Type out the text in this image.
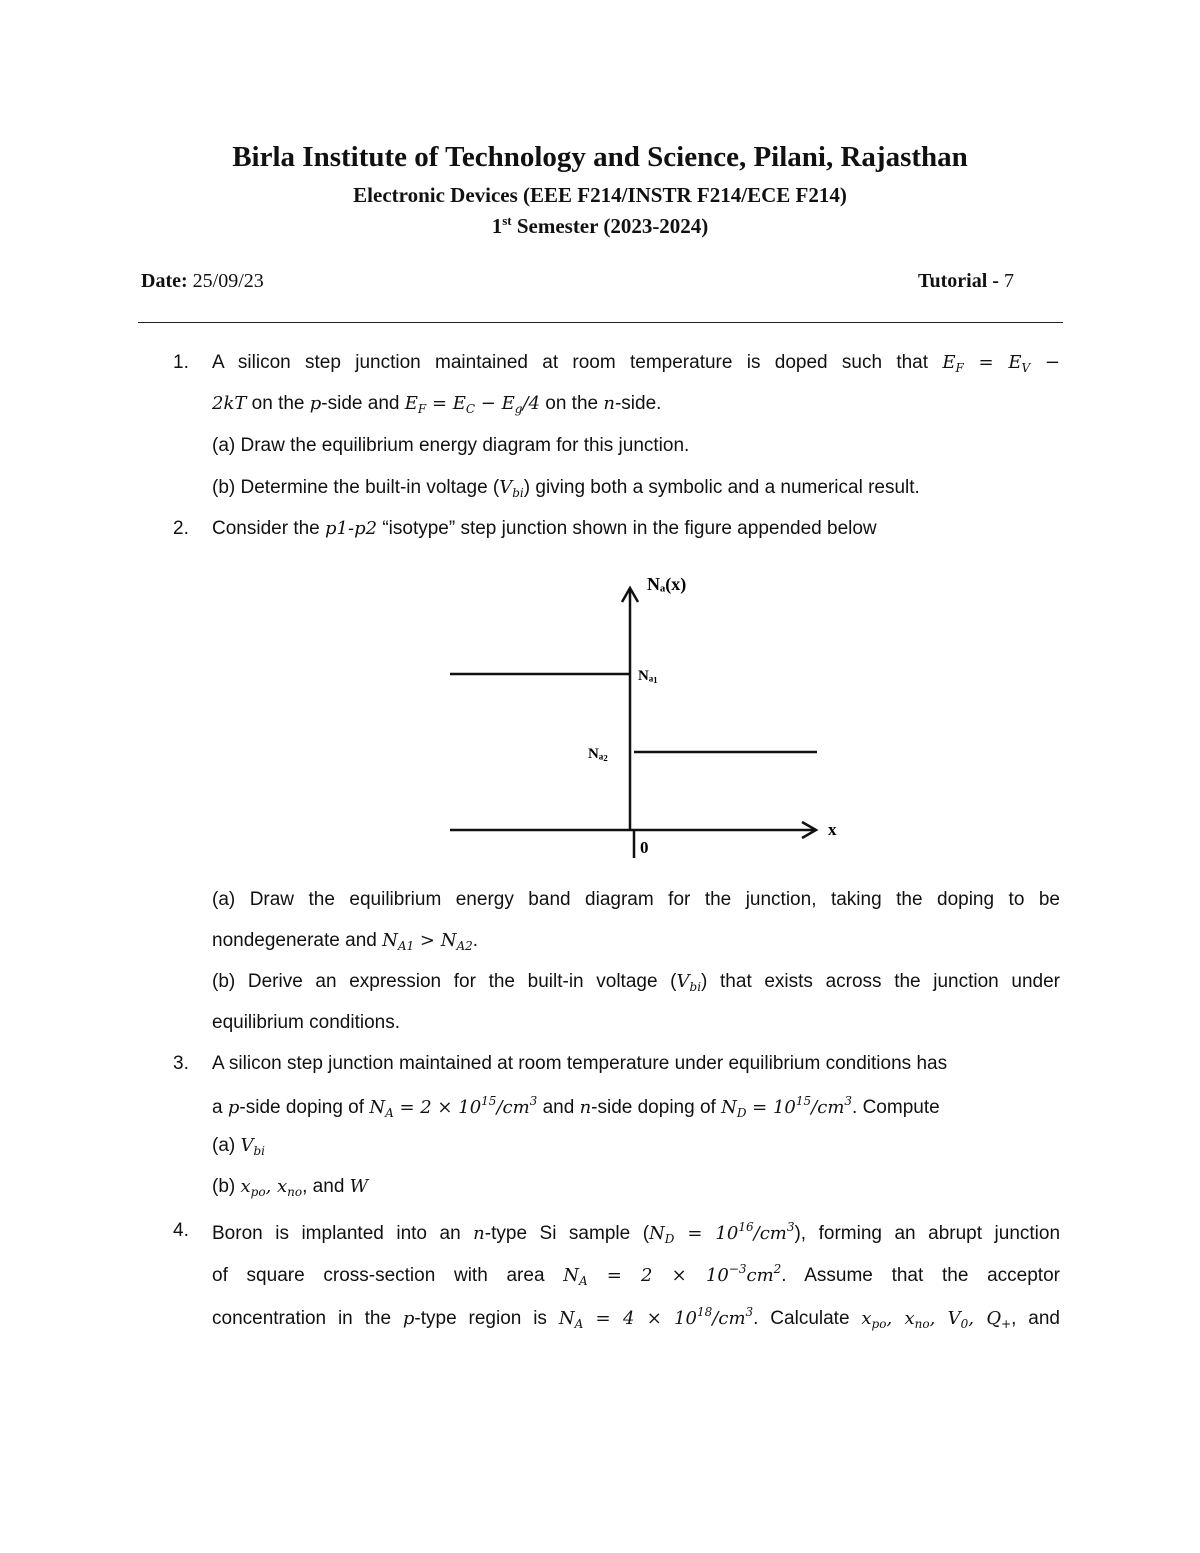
Birla Institute of Technology and Science, Pilani, Rajasthan
Electronic Devices (EEE F214/INSTR F214/ECE F214)
1st Semester (2023-2024)
Date: 25/09/23	Tutorial - 7
1. A silicon step junction maintained at room temperature is doped such that $E_F = E_V$ −
2kT on the p-side and $E_F = E_C - E_g/4$ on the n-side.
(a) Draw the equilibrium energy diagram for this junction.
(b) Determine the built-in voltage $(V_{bi})$ giving both a symbolic and a numerical result.
2. Consider the p1-p2 “isotype” step junction shown in the figure appended below
Nₐ(x)
Nₐ₁
Nₐ₂
x
0
(a) Draw the equilibrium energy band diagram for the junction, taking the doping to be
nondegenerate and $N_{A1} > N_{A2}$.
(b) Derive an expression for the built-in voltage $(V_{bi})$ that exists across the junction under
equilibrium conditions.
3. A silicon step junction maintained at room temperature under equilibrium conditions has
a p-side doping of $N_A = 2 \times 10^{15}/cm^3$ and n-side doping of $N_D = 10^{15}/cm^3$. Compute
(a) $V_{bi}$
(b) $x_{po}$, $x_{no}$, and W
4. Boron is implanted into an n-type Si sample $(N_D = 10^{16}/cm^3)$, forming an abrupt junction
of square cross-section with area $N_A = 2 \times 10^{-3}cm^2$. Assume that the acceptor
concentration in the p-type region is $N_A = 4 \times 10^{18}/cm^3$. Calculate $x_{po}$, $x_{no}$, $V_0$, $Q_+$, and
